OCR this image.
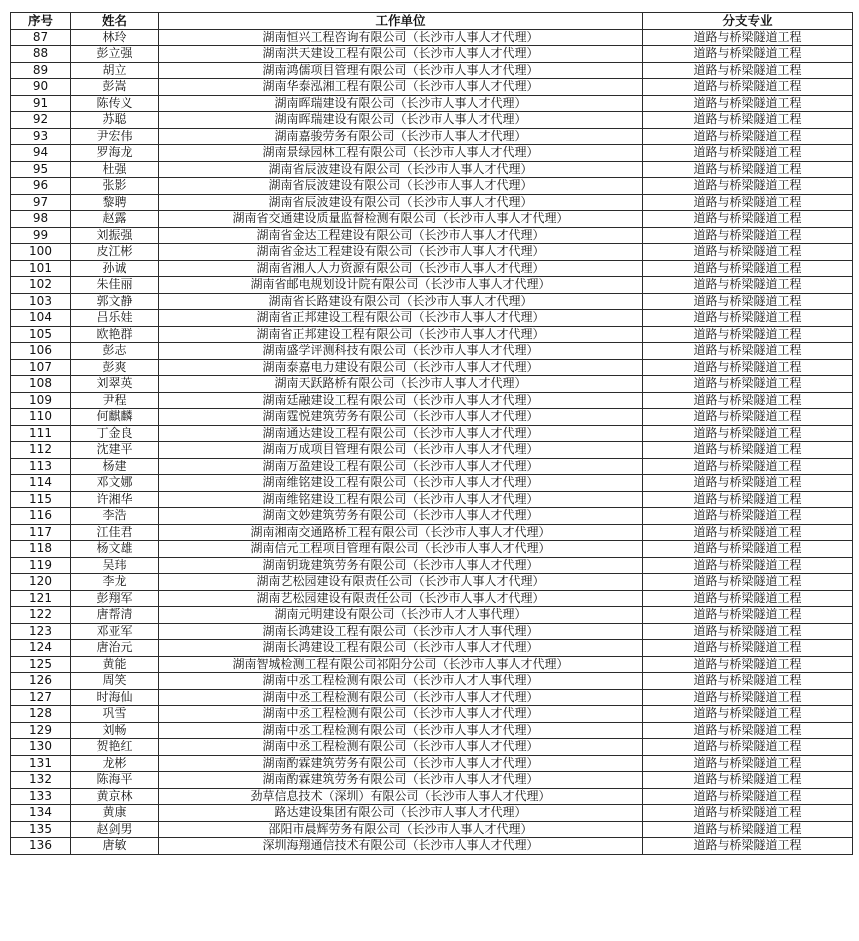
序号	姓名	工作单位	分支专业
87	林玲	湖南恒兴工程咨询有限公司（长沙市人事人才代理）	道路与桥梁隧道工程
88	彭立强	湖南洪天建设工程有限公司（长沙市人事人才代理）	道路与桥梁隧道工程
89	胡立	湖南鸿儒项目管理有限公司（长沙市人事人才代理）	道路与桥梁隧道工程
90	彭嵩	湖南华泰泓湘工程有限公司（长沙市人事人才代理）	道路与桥梁隧道工程
91	陈传义	湖南晖瑞建设有限公司（长沙市人事人才代理）	道路与桥梁隧道工程
92	苏聪	湖南晖瑞建设有限公司（长沙市人事人才代理）	道路与桥梁隧道工程
93	尹宏伟	湖南嘉骏劳务有限公司（长沙市人事人才代理）	道路与桥梁隧道工程
94	罗海龙	湖南景绿园林工程有限公司（长沙市人事人才代理）	道路与桥梁隧道工程
95	杜强	湖南省辰波建设有限公司（长沙市人事人才代理）	道路与桥梁隧道工程
96	张影	湖南省辰波建设有限公司（长沙市人事人才代理）	道路与桥梁隧道工程
97	黎聘	湖南省辰波建设有限公司（长沙市人事人才代理）	道路与桥梁隧道工程
98	赵露	湖南省交通建设质量监督检测有限公司（长沙市人事人才代理）	道路与桥梁隧道工程
99	刘振强	湖南省金达工程建设有限公司（长沙市人事人才代理）	道路与桥梁隧道工程
100	皮江彬	湖南省金达工程建设有限公司（长沙市人事人才代理）	道路与桥梁隧道工程
101	孙诚	湖南省湘人人力资源有限公司（长沙市人事人才代理）	道路与桥梁隧道工程
102	朱佳丽	湖南省邮电规划设计院有限公司（长沙市人事人才代理）	道路与桥梁隧道工程
103	郭文静	湖南省长路建设有限公司（长沙市人事人才代理）	道路与桥梁隧道工程
104	吕乐娃	湖南省正邦建设工程有限公司（长沙市人事人才代理）	道路与桥梁隧道工程
105	欧艳群	湖南省正邦建设工程有限公司（长沙市人事人才代理）	道路与桥梁隧道工程
106	彭志	湖南盛学评测科技有限公司（长沙市人事人才代理）	道路与桥梁隧道工程
107	彭爽	湖南泰嘉电力建设有限公司（长沙市人事人才代理）	道路与桥梁隧道工程
108	刘翠英	湖南天跃路桥有限公司（长沙市人事人才代理）	道路与桥梁隧道工程
109	尹程	湖南廷融建设工程有限公司（长沙市人事人才代理）	道路与桥梁隧道工程
110	何麒麟	湖南霆悦建筑劳务有限公司（长沙市人事人才代理）	道路与桥梁隧道工程
111	丁金良	湖南通达建设工程有限公司（长沙市人事人才代理）	道路与桥梁隧道工程
112	沈建平	湖南万成项目管理有限公司（长沙市人事人才代理）	道路与桥梁隧道工程
113	杨建	湖南万盈建设工程有限公司（长沙市人事人才代理）	道路与桥梁隧道工程
114	邓文娜	湖南维铭建设工程有限公司（长沙市人事人才代理）	道路与桥梁隧道工程
115	许湘华	湖南维铭建设工程有限公司（长沙市人事人才代理）	道路与桥梁隧道工程
116	李浩	湖南文妙建筑劳务有限公司（长沙市人事人才代理）	道路与桥梁隧道工程
117	江佳君	湖南湘南交通路桥工程有限公司（长沙市人事人才代理）	道路与桥梁隧道工程
118	杨文雄	湖南信元工程项目管理有限公司（长沙市人事人才代理）	道路与桥梁隧道工程
119	吴玮	湖南钥珑建筑劳务有限公司（长沙市人事人才代理）	道路与桥梁隧道工程
120	李龙	湖南艺松园建设有限责任公司（长沙市人事人才代理）	道路与桥梁隧道工程
121	彭翔军	湖南艺松园建设有限责任公司（长沙市人事人才代理）	道路与桥梁隧道工程
122	唐帮清	湖南元明建设有限公司（长沙市人才人事代理）	道路与桥梁隧道工程
123	邓亚军	湖南长鸿建设工程有限公司（长沙市人才人事代理）	道路与桥梁隧道工程
124	唐治元	湖南长鸿建设工程有限公司（长沙市人事人才代理）	道路与桥梁隧道工程
125	黄能	湖南智城检测工程有限公司祁阳分公司（长沙市人事人才代理）	道路与桥梁隧道工程
126	周笑	湖南中丞工程检测有限公司（长沙市人才人事代理）	道路与桥梁隧道工程
127	时海仙	湖南中丞工程检测有限公司（长沙市人事人才代理）	道路与桥梁隧道工程
128	巩雪	湖南中丞工程检测有限公司（长沙市人事人才代理）	道路与桥梁隧道工程
129	刘畅	湖南中丞工程检测有限公司（长沙市人事人才代理）	道路与桥梁隧道工程
130	贺艳红	湖南中丞工程检测有限公司（长沙市人事人才代理）	道路与桥梁隧道工程
131	龙彬	湖南酌霖建筑劳务有限公司（长沙市人事人才代理）	道路与桥梁隧道工程
132	陈海平	湖南酌霖建筑劳务有限公司（长沙市人事人才代理）	道路与桥梁隧道工程
133	黄京林	劲草信息技术（深圳）有限公司（长沙市人事人才代理）	道路与桥梁隧道工程
134	黄康	路达建设集团有限公司（长沙市人事人才代理）	道路与桥梁隧道工程
135	赵剑男	邵阳市晨辉劳务有限公司（长沙市人事人才代理）	道路与桥梁隧道工程
136	唐敏	深圳海翔通信技术有限公司（长沙市人事人才代理）	道路与桥梁隧道工程
